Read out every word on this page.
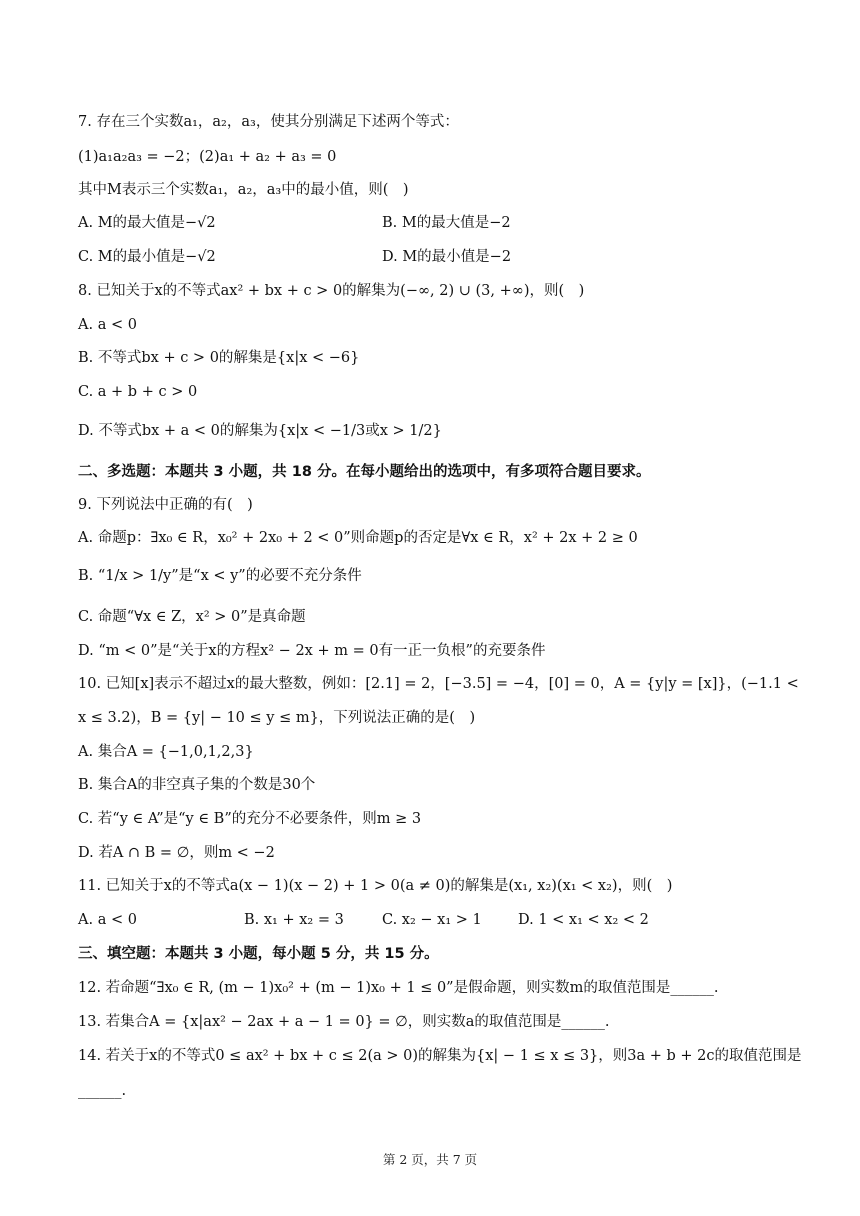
7. 存在三个实数a₁，a₂，a₃，使其分别满足下述两个等式：
(1)a₁a₂a₃ = −2；(2)a₁ + a₂ + a₃ = 0
其中M表示三个实数a₁，a₂，a₃中的最小值，则(　)
A. M的最大值是−√2	B. M的最大值是−2
C. M的最小值是−√2	D. M的最小值是−2
8. 已知关于x的不等式ax² + bx + c > 0的解集为(−∞, 2) ∪ (3, +∞)，则(　)
A. a < 0
B. 不等式bx + c > 0的解集是{x|x < −6}
C. a + b + c > 0
D. 不等式bx + a < 0的解集为{x|x < −1/3或x > 1/2}
二、多选题：本题共 3 小题，共 18 分。在每小题给出的选项中，有多项符合题目要求。
9. 下列说法中正确的有(　)
A. 命题p：∃x₀ ∈ R，x₀² + 2x₀ + 2 < 0”则命题p的否定是∀x ∈ R，x² + 2x + 2 ≥ 0
B. “1/x > 1/y”是“x < y”的必要不充分条件
C. 命题“∀x ∈ Z，x² > 0”是真命题
D. “m < 0”是“关于x的方程x² − 2x + m = 0有一正一负根”的充要条件
10. 已知[x]表示不超过x的最大整数，例如：[2.1] = 2，[−3.5] = −4，[0] = 0，A = {y|y = [x]}，(−1.1 <
x ≤ 3.2)，B = {y| − 10 ≤ y ≤ m}，下列说法正确的是(　)
A. 集合A = {−1,0,1,2,3}
B. 集合A的非空真子集的个数是30个
C. 若“y ∈ A”是“y ∈ B”的充分不必要条件，则m ≥ 3
D. 若A ∩ B = ∅，则m < −2
11. 已知关于x的不等式a(x − 1)(x − 2) + 1 > 0(a ≠ 0)的解集是(x₁, x₂)(x₁ < x₂)，则(　)
A. a < 0	B. x₁ + x₂ = 3	C. x₂ − x₁ > 1	D. 1 < x₁ < x₂ < 2
三、填空题：本题共 3 小题，每小题 5 分，共 15 分。
12. 若命题“∃x₀ ∈ R, (m − 1)x₀² + (m − 1)x₀ + 1 ≤ 0”是假命题，则实数m的取值范围是______.
13. 若集合A = {x|ax² − 2ax + a − 1 = 0} = ∅，则实数a的取值范围是______.
14. 若关于x的不等式0 ≤ ax² + bx + c ≤ 2(a > 0)的解集为{x| − 1 ≤ x ≤ 3}，则3a + b + 2c的取值范围是
______.
第 2 页，共 7 页
